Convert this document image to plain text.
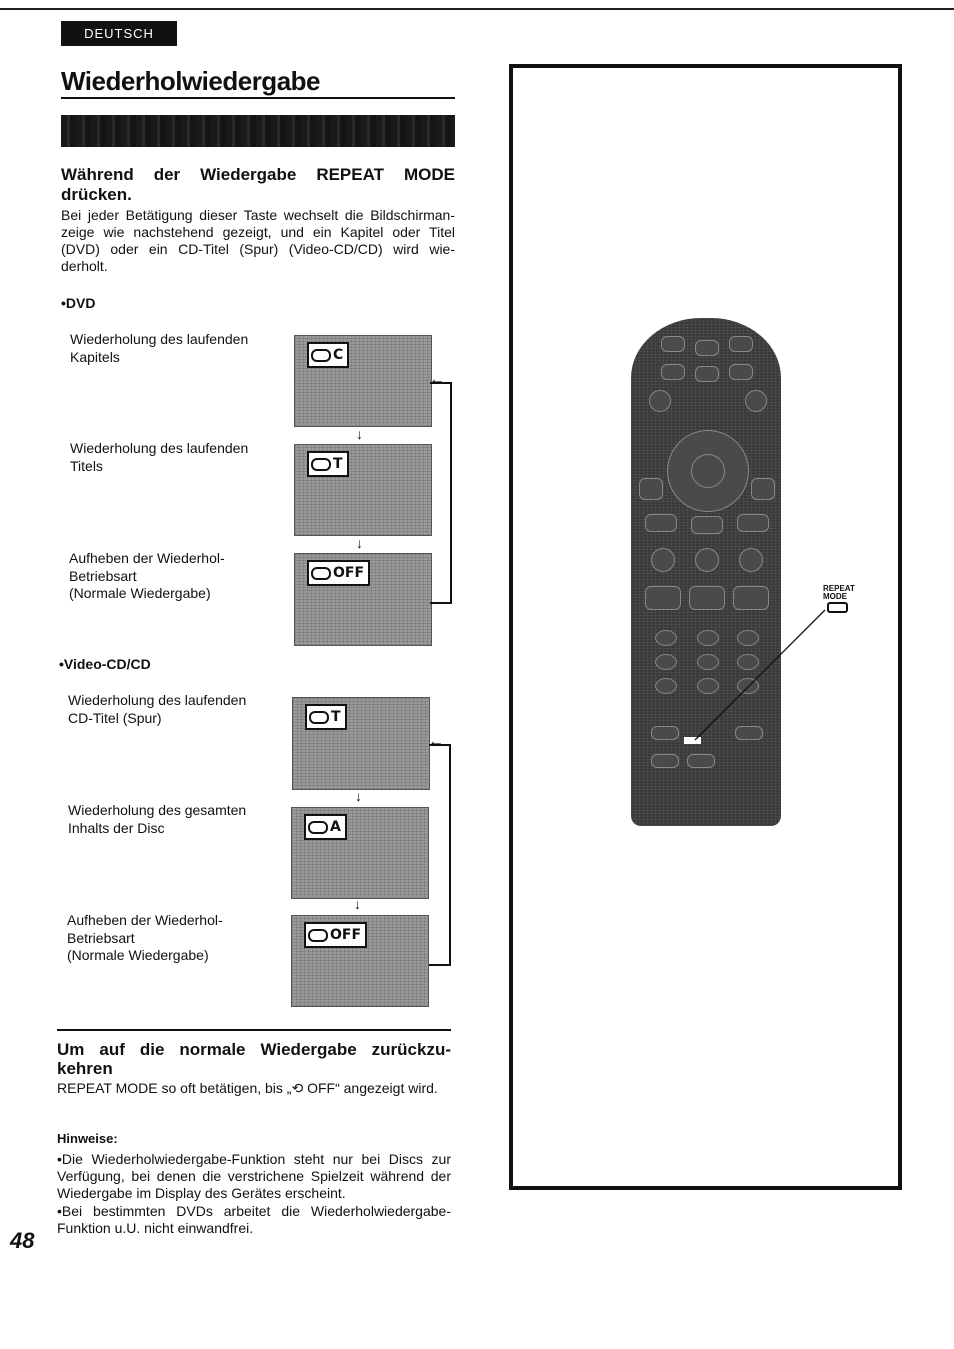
DEUTSCH
Wiederholwiedergabe
Während der Wiedergabe REPEAT MODE drücken.
Bei jeder Betätigung dieser Taste wechselt die Bildschirman-zeige wie nachstehend gezeigt, und ein Kapitel oder Titel (DVD) oder ein CD-Titel (Spur) (Video-CD/CD) wird wie-derholt.
•DVD
Wiederholung des laufenden
Kapitels
Wiederholung des laufenden
Titels
Aufheben der Wiederhol-
Betriebsart
(Normale Wiedergabe)
C
↓
T
↓
OFF
←
•Video-CD/CD
Wiederholung des laufenden
CD-Titel (Spur)
Wiederholung des gesamten
Inhalts der Disc
Aufheben der Wiederhol-
Betriebsart
(Normale Wiedergabe)
T
↓
A
↓
OFF
←
Um auf die normale Wiedergabe zurückzu-kehren
REPEAT MODE so oft betätigen, bis „⟲ OFF“ angezeigt wird.
Hinweise:
•Die Wiederholwiedergabe-Funktion steht nur bei Discs zur Verfügung, bei denen die verstrichene Spielzeit während der Wiedergabe im Display des Gerätes erscheint.
•Bei bestimmten DVDs arbeitet die Wiederholwiedergabe-Funktion u.U. nicht einwandfrei.
48
REPEAT
MODE
